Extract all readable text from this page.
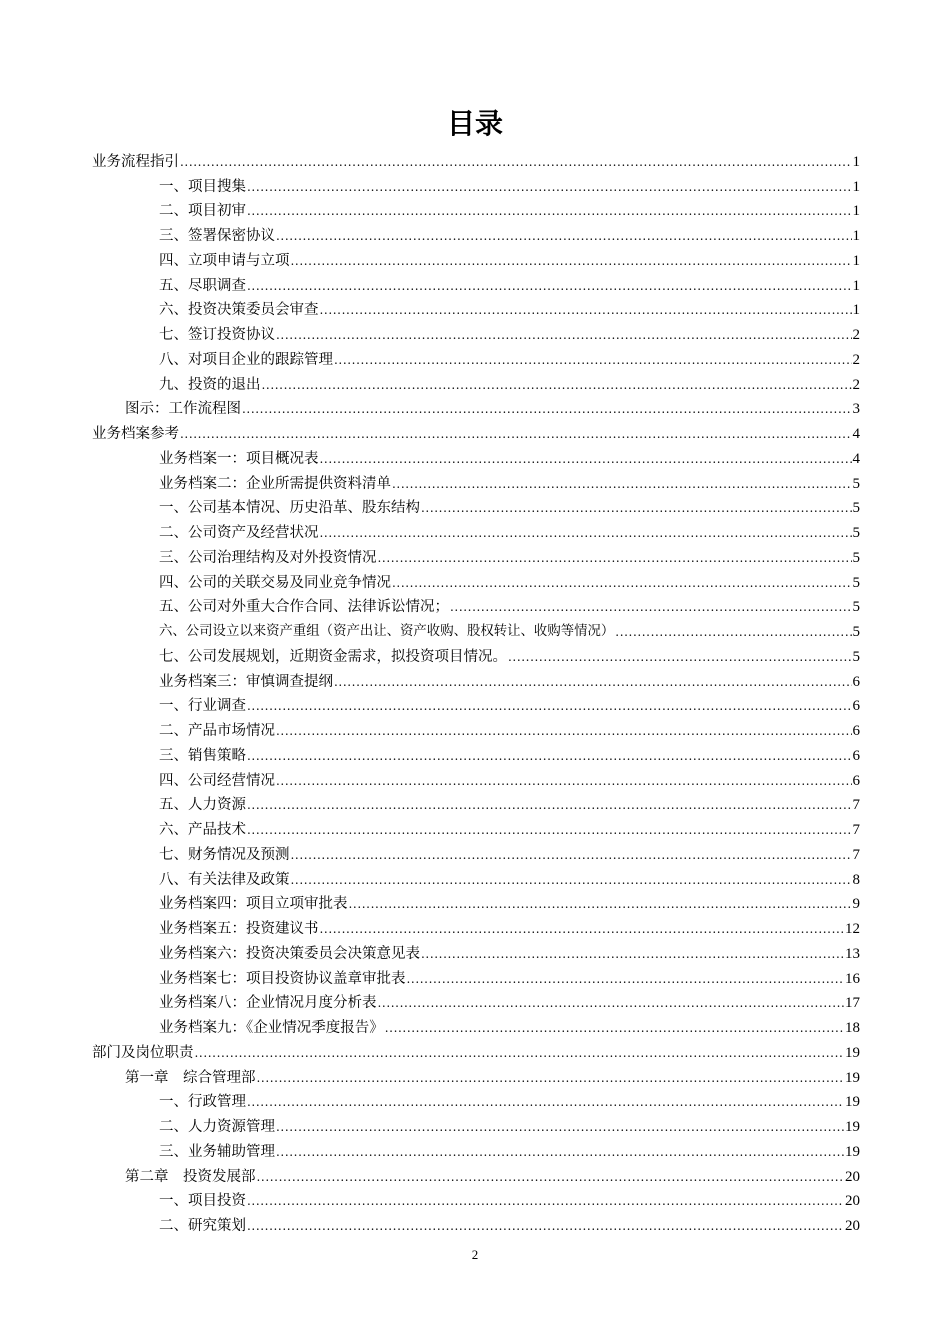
目录
业务流程指引 .....	1
一、项目搜集 .....	1
二、项目初审 .....	1
三、签署保密协议 .....	1
四、立项申请与立项 .....	1
五、尽职调查 .....	1
六、投资决策委员会审查 .....	1
七、签订投资协议 .....	2
八、对项目企业的跟踪管理 .....	2
九、投资的退出 .....	2
图示：工作流程图 .....	3
业务档案参考 .....	4
业务档案一：项目概况表 .....	4
业务档案二：企业所需提供资料清单 .....	5
一、公司基本情况、历史沿革、股东结构 .....	5
二、公司资产及经营状况 .....	5
三、公司治理结构及对外投资情况 .....	5
四、公司的关联交易及同业竞争情况 .....	5
五、公司对外重大合作合同、法律诉讼情况； .....	5
六、公司设立以来资产重组（资产出让、资产收购、股权转让、收购等情况） .....	5
七、公司发展规划，近期资金需求，拟投资项目情况。 .....	5
业务档案三：审慎调查提纲 .....	6
一、行业调查 .....	6
二、产品市场情况 .....	6
三、销售策略 .....	6
四、公司经营情况 .....	6
五、人力资源 .....	7
六、产品技术 .....	7
七、财务情况及预测 .....	7
八、有关法律及政策 .....	8
业务档案四：项目立项审批表 .....	9
业务档案五：投资建议书 .....	12
业务档案六：投资决策委员会决策意见表 .....	13
业务档案七：项目投资协议盖章审批表 .....	16
业务档案八：企业情况月度分析表 .....	17
业务档案九：《企业情况季度报告》 .....	18
部门及岗位职责 .....	19
第一章　综合管理部 .....	19
一、行政管理 .....	19
二、人力资源管理 .....	19
三、业务辅助管理 .....	19
第二章　投资发展部 .....	20
一、项目投资 .....	20
二、研究策划 .....	20
2
